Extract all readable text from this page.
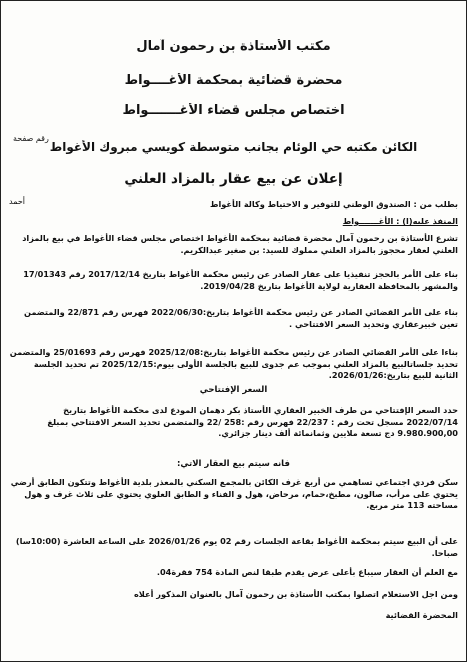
مكتب الأستاذة بن رحمون آمال

محضرة قضائية بمحكمة الأغــــواط

اختصاص مجلس قضاء الأغـــــــواط

الكائن مكتبه حي الوئام بجانب متوسطة كويسي مبروك الأغواط

إعلان عن بيع عقار بالمزاد العلني

رقم صفحة
أحمد	بطلب من : الصندوق الوطني للتوفير و الاحتياط وكالة الأغواط

المنفذ عليه(ا) : الأغـــــــواط

تشرع الأستاذة بن رحمون آمال محضرة قضائية بمحكمة الأغواط اختصاص مجلس قضاء الأغواط في بيع بالمزاد العلني لعقار محجوز بالمزاد العلني مملوك للسيد: بن صغير عبدالكريم.

بناء على الأمر بالحجز تنفيذيا على عقار الصادر عن رئيس محكمة الأغواط بتاريخ 2017/12/14 رقم 17/01343 والمشهر بالمحافظة العقارية لولاية الأغواط بتاريخ 2019/04/28.

بناء على الأمر القضائي الصادر عن رئيس محكمة الأغواط بتاريخ:2022/06/30 فهرس رقم 22/871 والمتضمن تعين خبيرعقاري وتحديد السعر الافتتاحي .

بناءا على الأمر القضائي الصادر عن رئيس محكمة الأغواط بتاريخ:2025/12/08 فهرس رقم 25/01693 والمتضمن تحديد جلساتالبيع بالمزاد العلني بموجب عم جدوى للبيع بالجلسة الأولى بيوم:2025/12/15 تم تحديد الجلسة الثانية للبيع بتاريخ:2026/01/26.

السعر الإفتتاحي

حدد السعر الإفتتاحي من طرف الخبير العقاري الأستاذ بكر دهمان المودع لدى محكمة الأغواط بتاريخ 2022/07/14 مسجل تحت رقم : 22/237 فهرس رقم :258 /22 والمتضمن تحديد السعر الافتتاحي بمبلغ 9.980.900,00 دج تسعة ملايين وثمانمائة ألف دينار جزائري.

فانه سيتم بيع العقار الاتي:

سكن فردي اجتماعي تساهمي من أربع غرف الكائن بالمجمع السكني بالمعذر بلدية الأغواط وتتكون الطابق أرضي يحتوي على مرأب، صالون، مطبخ،حمام، مرحاض، هول و الفناء و الطابق العلوي يحتوي على ثلاث غرف و هول مساحته 113 متر مربع.

على أن البيع سيتم بمحكمة الأغواط بقاعة الجلسات رقم 02 يوم 2026/01/26 على الساعة العاشرة (10:00سا) صباحا.

مع العلم أن العقار سيباع بأعلى عرض يقدم طبقا لنص المادة 754 فقرة04.

ومن اجل الاستعلام اتصلوا بمكتب الأستاذة بن رحمون آمال بالعنوان المذكور أعلاه

المحضرة القضائية
